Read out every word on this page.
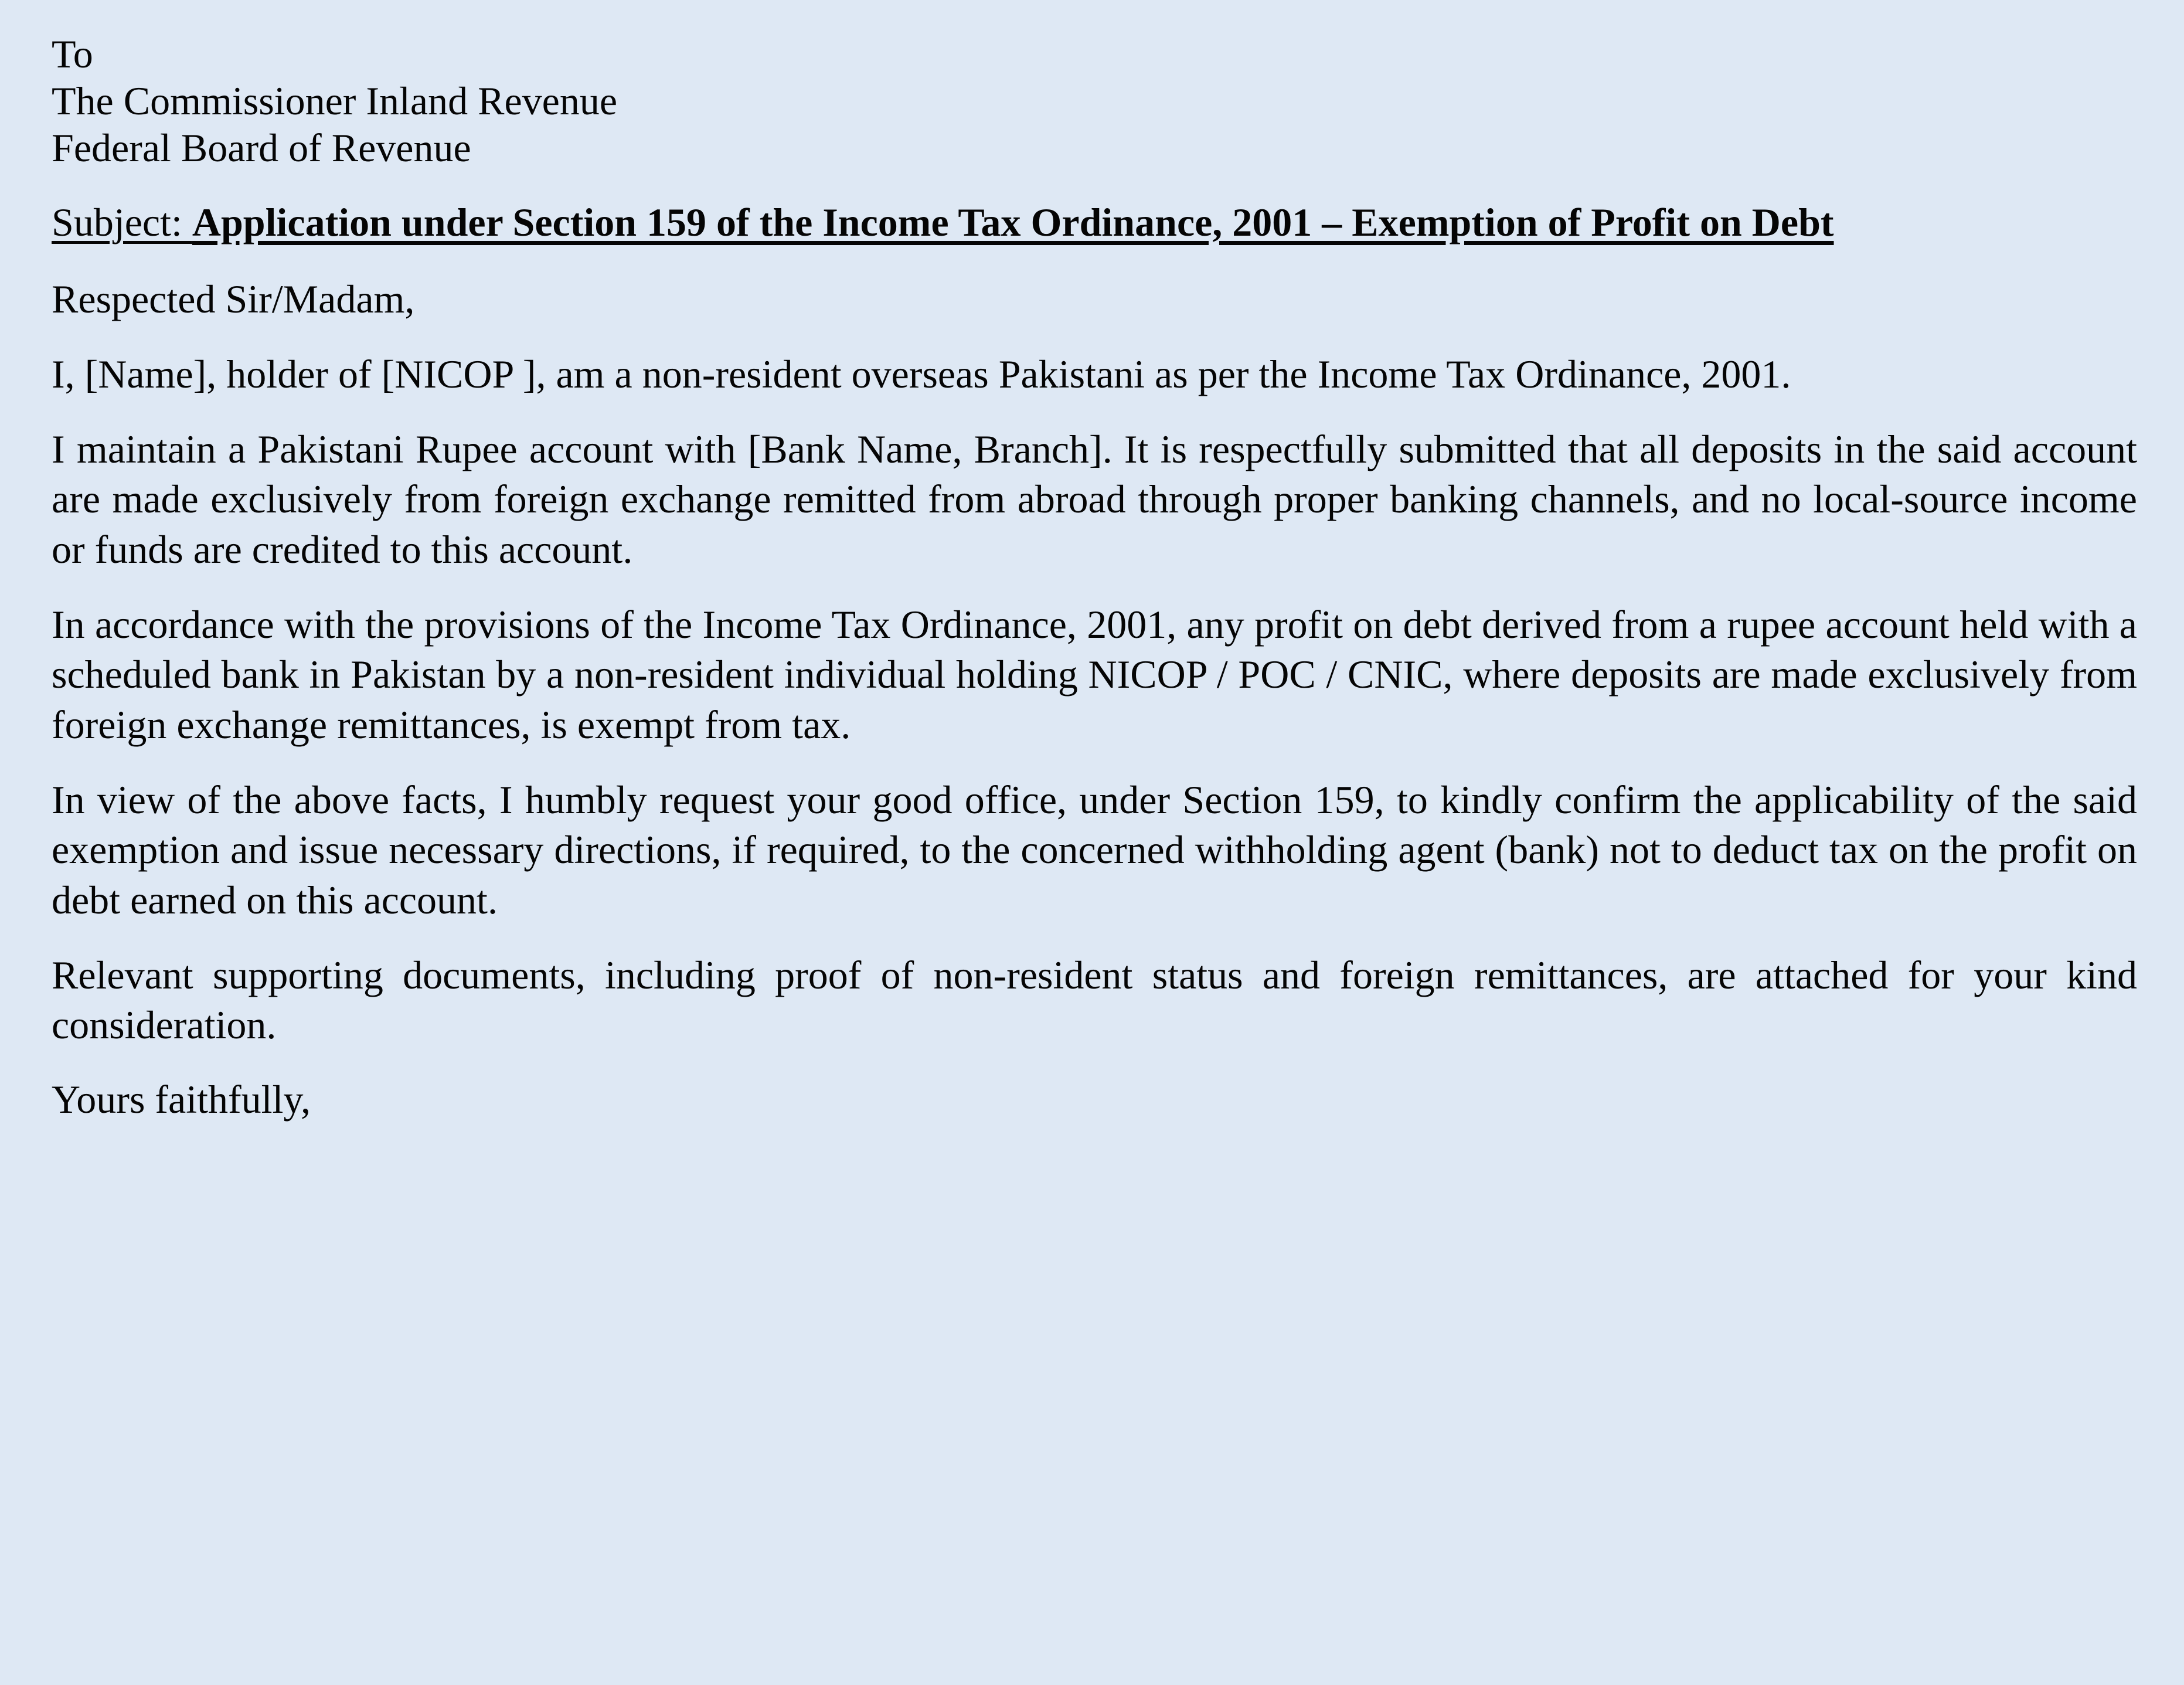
To
The Commissioner Inland Revenue
Federal Board of Revenue

Subject: Application under Section 159 of the Income Tax Ordinance, 2001 – Exemption of Profit on Debt

Respected Sir/Madam,

I, [Name], holder of [NICOP ], am a non-resident overseas Pakistani as per the Income Tax Ordinance, 2001.

I maintain a Pakistani Rupee account with [Bank Name, Branch]. It is respectfully submitted that all deposits in the said account are made exclusively from foreign exchange remitted from abroad through proper banking channels, and no local-source income or funds are credited to this account.

In accordance with the provisions of the Income Tax Ordinance, 2001, any profit on debt derived from a rupee account held with a scheduled bank in Pakistan by a non-resident individual holding NICOP / POC / CNIC, where deposits are made exclusively from foreign exchange remittances, is exempt from tax.

In view of the above facts, I humbly request your good office, under Section 159, to kindly confirm the applicability of the said exemption and issue necessary directions, if required, to the concerned withholding agent (bank) not to deduct tax on the profit on debt earned on this account.

Relevant supporting documents, including proof of non-resident status and foreign remittances, are attached for your kind consideration.

Yours faithfully,
